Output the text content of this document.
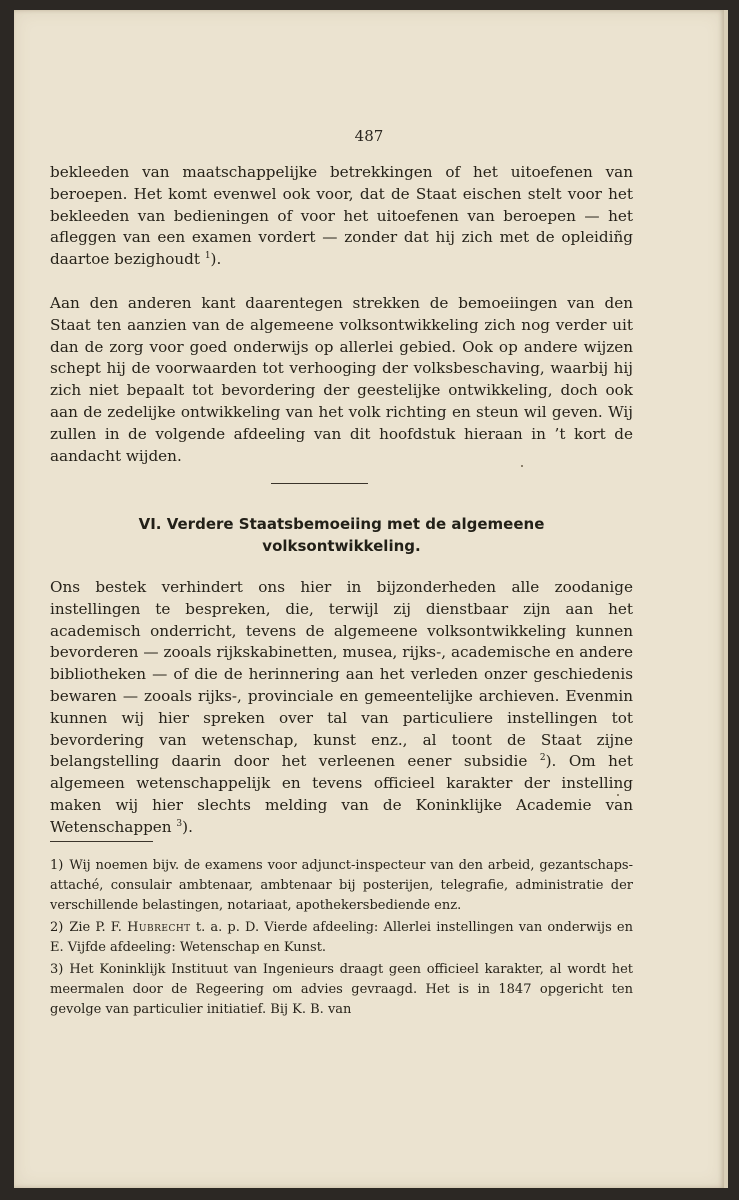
487

bekleeden van maatschappelijke betrekkingen of het uitoefenen van beroepen. Het komt evenwel ook voor, dat de Staat eischen stelt voor het bekleeden van bedieningen of voor het uitoefenen van beroepen — het afleggen van een examen vordert — zonder dat hij zich met de opleidiñg daartoe bezighoudt $^1$).

Aan den anderen kant daarentegen strekken de bemoeiingen van den Staat ten aanzien van de algemeene volksontwikkeling zich nog verder uit dan de zorg voor goed onderwijs op allerlei gebied. Ook op andere wijzen schept hij de voorwaarden tot verhooging der volksbeschaving, waarbij hij zich niet bepaalt tot bevordering der geestelijke ontwikkeling, doch ook aan de zedelijke ontwikkeling van het volk richting en steun wil geven. Wij zullen in de volgende afdeeling van dit hoofdstuk hieraan in ’t kort de aandacht wijden.

VI. Verdere Staatsbemoeiing met de algemeene
volksontwikkeling.

Ons bestek verhindert ons hier in bijzonderheden alle zoodanige instellingen te bespreken, die, terwijl zij dienstbaar zijn aan het academisch onderricht, tevens de algemeene volksontwikkeling kunnen bevorderen — zooals rijkskabinetten, musea, rijks-, academische en andere bibliotheken — of die de herinnering aan het verleden onzer geschiedenis bewaren — zooals rijks-, provinciale en gemeentelijke archieven. Evenmin kunnen wij hier spreken over tal van particuliere instellingen tot bevordering van wetenschap, kunst enz., al toont de Staat zijne belangstelling daarin door het verleenen eener subsidie $^2$). Om het algemeen wetenschappelijk en tevens officieel karakter der instelling maken wij hier slechts melding van de Koninklijke Academie van Wetenschappen $^3$).

1) Wij noemen bijv. de examens voor adjunct-inspecteur van den arbeid, gezantschaps-attaché, consulair ambtenaar, ambtenaar bij posterijen, telegrafie, administratie der verschillende belastingen, notariaat, apothekersbediende enz.

2) Zie P. F. Hubrecht t. a. p. D. Vierde afdeeling: Allerlei instellingen van onderwijs en E. Vijfde afdeeling: Wetenschap en Kunst.

3) Het Koninklijk Instituut van Ingenieurs draagt geen officieel karakter, al wordt het meermalen door de Regeering om advies gevraagd. Het is in 1847 opgericht ten gevolge van particulier initiatief. Bij K. B. van
